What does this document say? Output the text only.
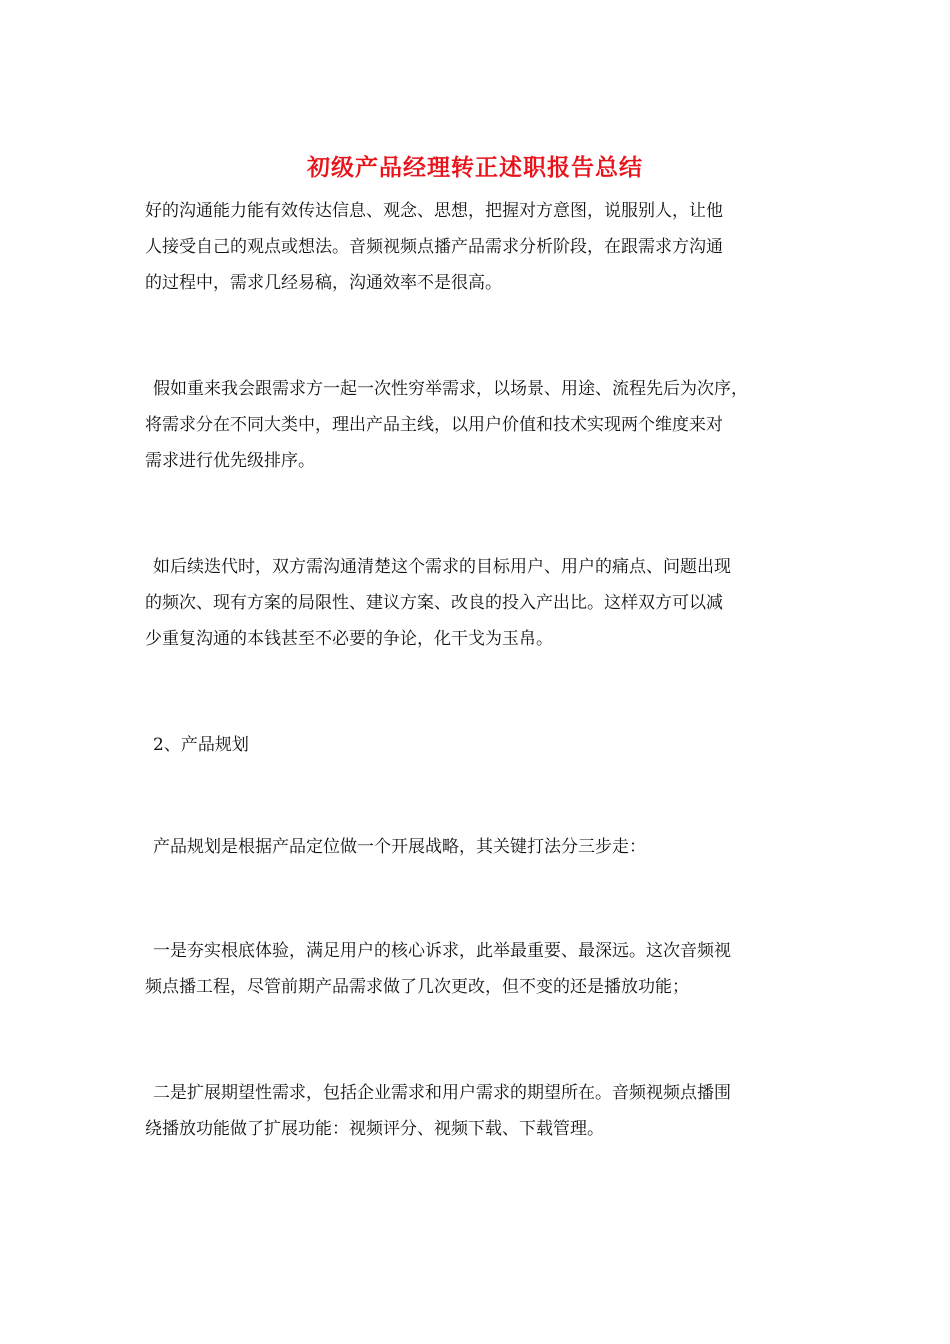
初级产品经理转正述职报告总结

好的沟通能力能有效传达信息、观念、思想，把握对方意图，说服别人，让他
人接受自己的观点或想法。音频视频点播产品需求分析阶段，在跟需求方沟通
的过程中，需求几经易稿，沟通效率不是很高。

假如重来我会跟需求方一起一次性穷举需求，以场景、用途、流程先后为次序，
将需求分在不同大类中，理出产品主线，以用户价值和技术实现两个维度来对
需求进行优先级排序。

如后续迭代时，双方需沟通清楚这个需求的目标用户、用户的痛点、问题出现
的频次、现有方案的局限性、建议方案、改良的投入产出比。这样双方可以减
少重复沟通的本钱甚至不必要的争论，化干戈为玉帛。

2、产品规划

产品规划是根据产品定位做一个开展战略，其关键打法分三步走：

一是夯实根底体验，满足用户的核心诉求，此举最重要、最深远。这次音频视
频点播工程，尽管前期产品需求做了几次更改，但不变的还是播放功能；

二是扩展期望性需求，包括企业需求和用户需求的期望所在。音频视频点播围
绕播放功能做了扩展功能：视频评分、视频下载、下载管理。
